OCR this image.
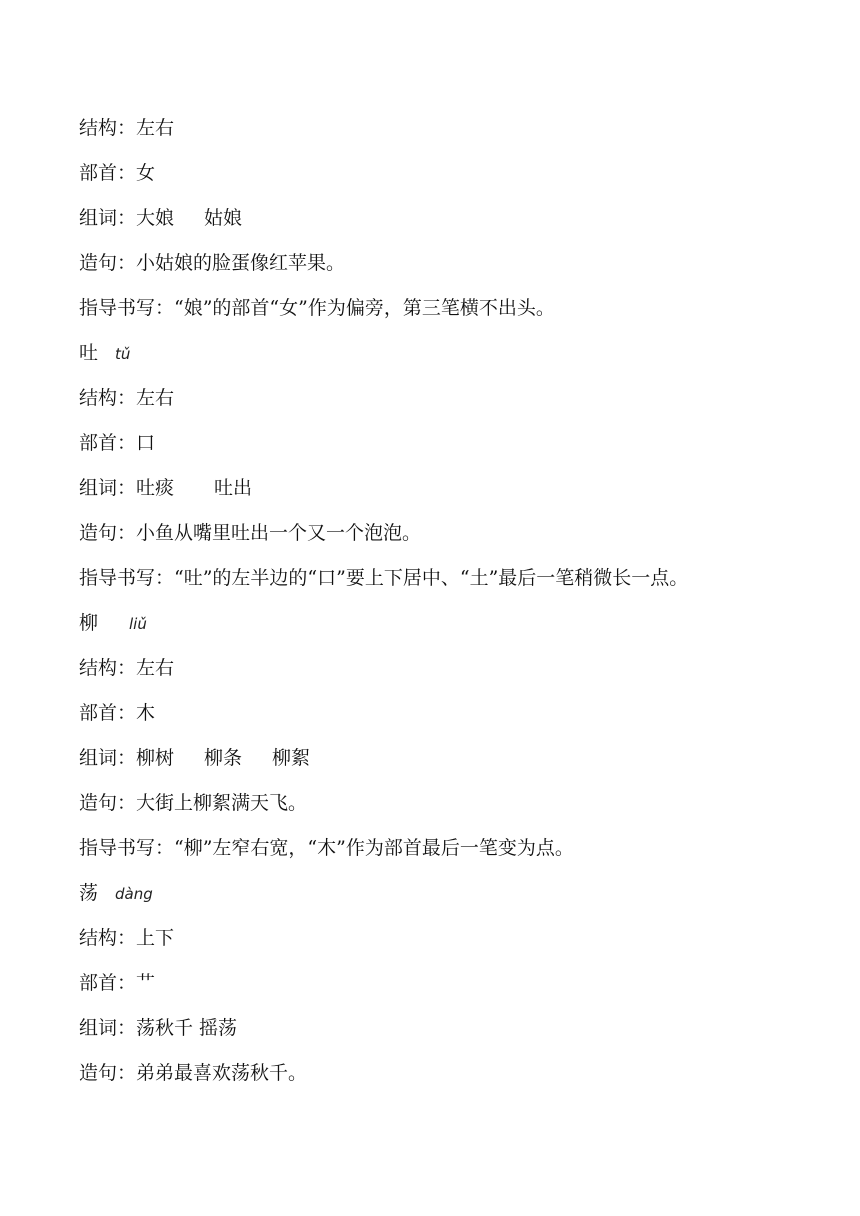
结构：左右
部首：女
组词：大娘 姑娘
造句：小姑娘的脸蛋像红苹果。
指导书写：“娘”的部首“女”作为偏旁，第三笔横不出头。
吐 tǔ
结构：左右
部首：口
组词：吐痰 吐出
造句：小鱼从嘴里吐出一个又一个泡泡。
指导书写：“吐”的左半边的“口”要上下居中、“土”最后一笔稍微长一点。
柳 liǔ
结构：左右
部首：木
组词：柳树 柳条 柳絮
造句：大街上柳絮满天飞。
指导书写：“柳”左窄右宽，“木”作为部首最后一笔变为点。
荡 dàng
结构：上下
部首：艹
组词：荡秋千 摇荡
造句：弟弟最喜欢荡秋千。
